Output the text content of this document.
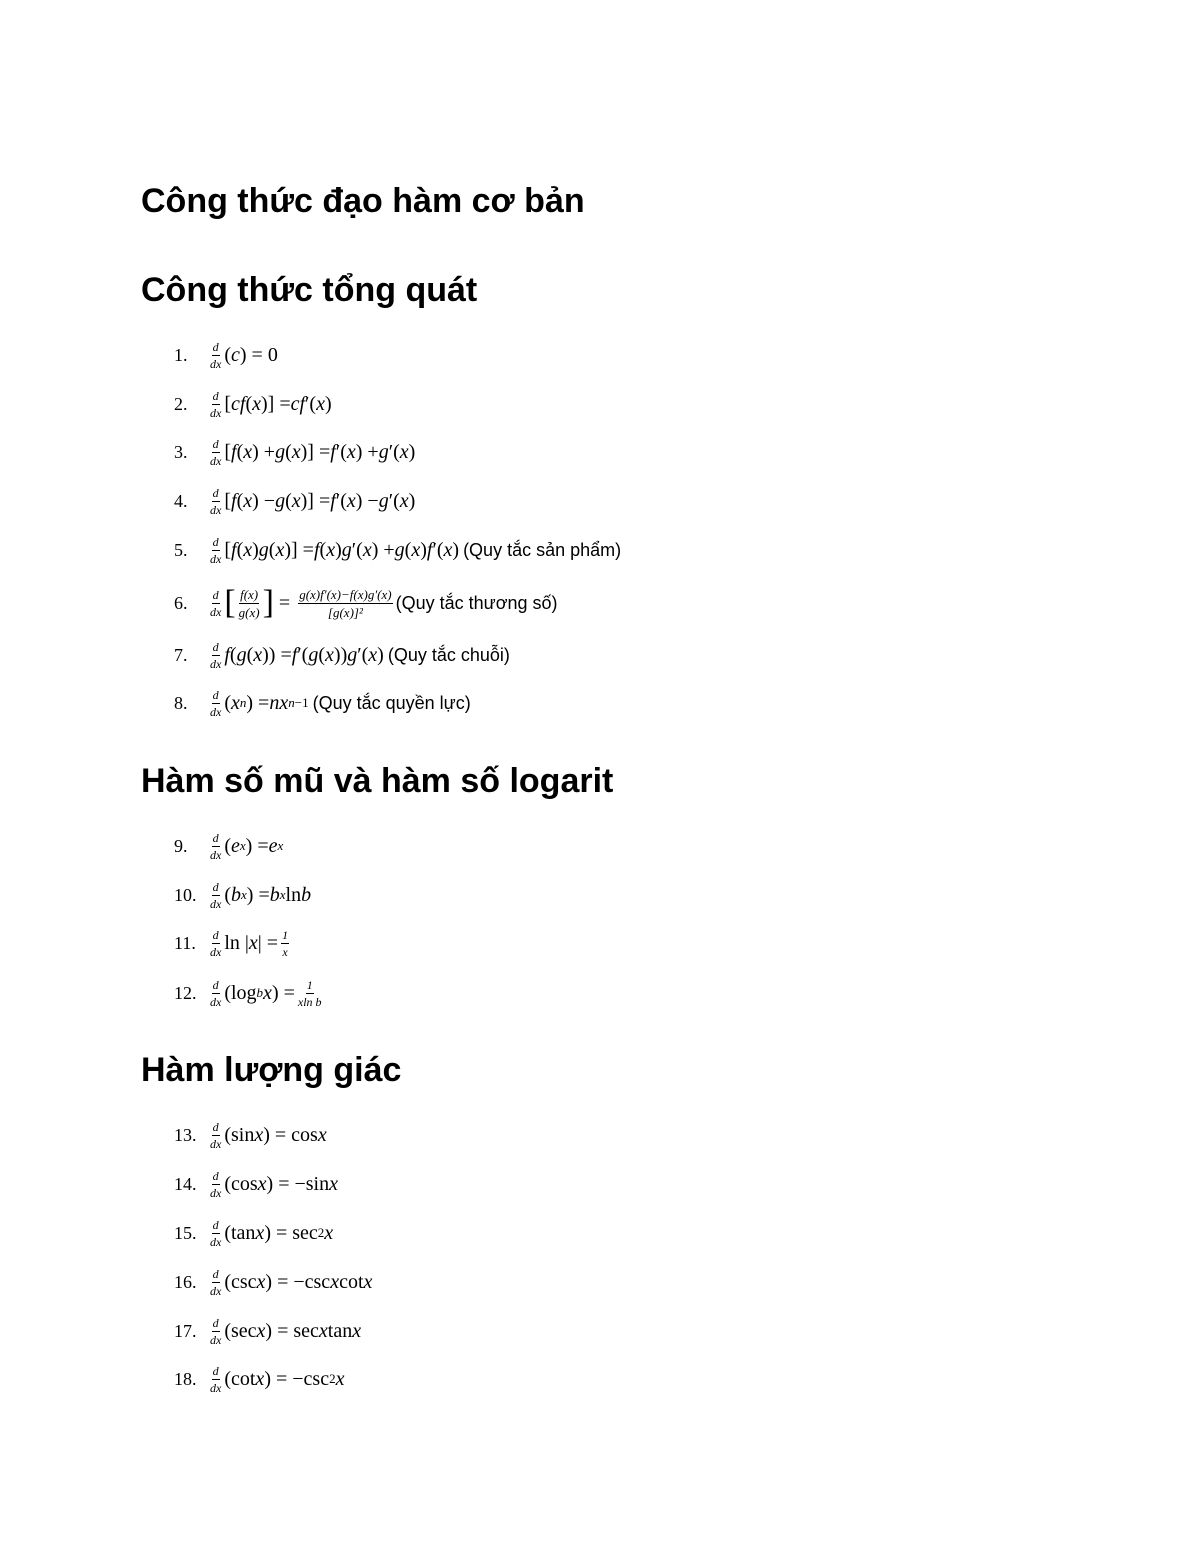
Công thức đạo hàm cơ bản
Công thức tổng quát
1.	$\frac{d}{dx}$ ( c ) = 0
2.	$\frac{d}{dx}$ [ cf ( x )] = cf ′( x )
3.	$\frac{d}{dx}$ [ f ( x ) + g ( x )] = f ′( x ) + g ′( x )
4.	$\frac{d}{dx}$ [ f ( x ) − g ( x )] = f ′( x ) − g ′( x )
5.	$\frac{d}{dx}$ [ f ( x ) g ( x )] = f ( x ) g ′( x ) + g ( x ) f ′( x ) (Quy tắc sản phẩm)
6.	$\frac{d}{dx}$ [ $\frac{f(x)}{g(x)}$ ] = $\frac{g(x)f'(x)-f(x)g'(x)}{\text{[g(x)]²}} (Quy$ tắc thương số)
7.	$\frac{d}{dx}$ f ( g ( x )) = f ′( g ( x )) g ′( x ) (Quy tắc chuỗi)
8.	$\frac{d}{dx}$ ( x n ) = nx n−1 (Quy tắc quyền lực)
Hàm số mũ và hàm số logarit
9.	$\frac{d}{dx}$ ( e x ) = e x
10.	$\frac{d}{dx}$ ( b x ) = b x ln b
11.	$\frac{d}{dx}$ ln | x | = $\frac{1}{x}$
12.	$\frac{d}{dx} (\log$ b x ) = $\frac{1}{\text{xln b}}$
Hàm lượng giác
13.	$\frac{d}{dx} (\sin$ x ) = cos x
14.	$\frac{d}{dx} (\cos$ x ) = −sin x
15.	$\frac{d}{dx} (\tan$ x ) = sec 2 x
16.	$\frac{d}{dx} (\csc$ x ) = −csc x cot x
17.	$\frac{d}{dx} (\sec$ x ) = sec x tan x
18.	$\frac{d}{dx} (\cot$ x ) = −csc 2 x
